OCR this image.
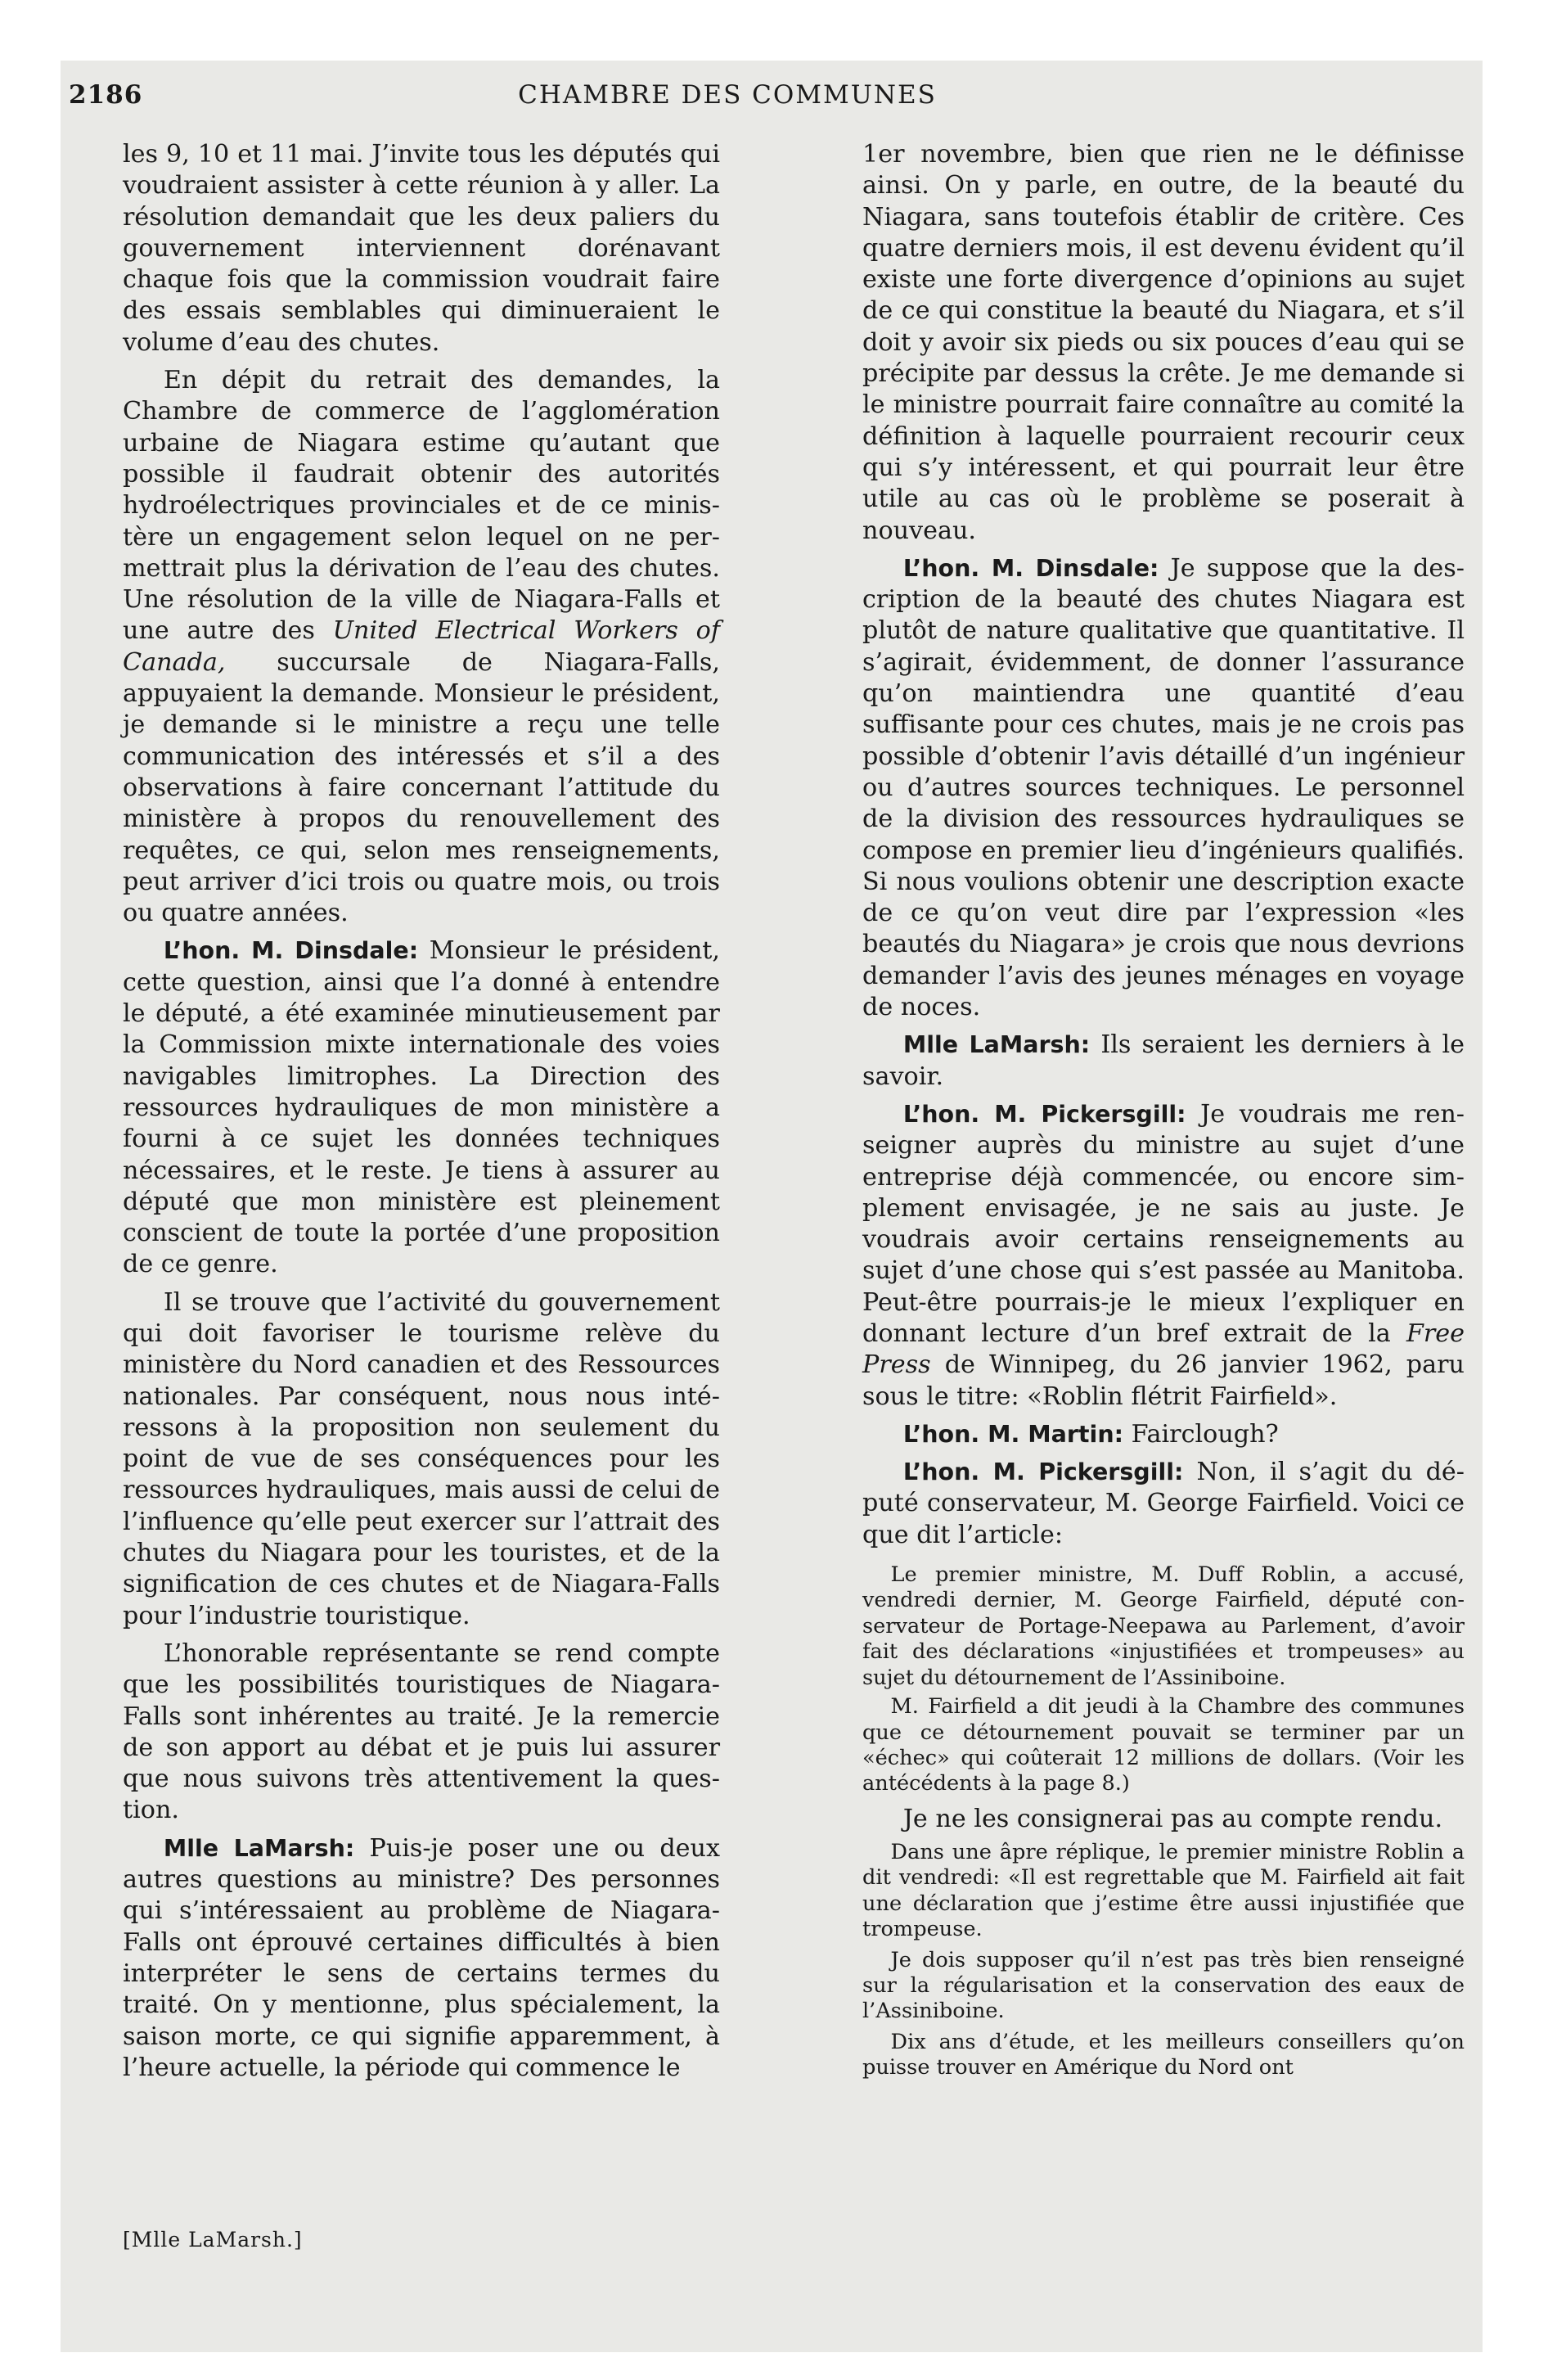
2186	CHAMBRE DES COMMUNES

les 9, 10 et 11 mai. J’invite tous les députés qui voudraient assister à cette réunion à y aller. La résolution demandait que les deux paliers du gouvernement interviennent dorénavant chaque fois que la commission voudrait faire des essais semblables qui diminueraient le volume d’eau des chutes.

En dépit du retrait des demandes, la Chambre de commerce de l’agglomération urbaine de Niagara estime qu’autant que possible il faudrait obtenir des autorités hydroélectriques provinciales et de ce ministère un engagement selon lequel on ne permettrait plus la dérivation de l’eau des chutes. Une résolution de la ville de Niagara-Falls et une autre des United Electrical Workers of Canada, succursale de Niagara-Falls, appuyaient la demande. Monsieur le président, je demande si le ministre a reçu une telle communication des intéressés et s’il a des observations à faire concernant l’attitude du ministère à propos du renouvellement des requêtes, ce qui, selon mes renseignements, peut arriver d’ici trois ou quatre mois, ou trois ou quatre années.

L’hon. M. Dinsdale: Monsieur le président, cette question, ainsi que l’a donné à entendre le député, a été examinée minutieusement par la Commission mixte internationale des voies navigables limitrophes. La Direction des ressources hydrauliques de mon ministère a fourni à ce sujet les données techniques nécessaires, et le reste. Je tiens à assurer au député que mon ministère est pleinement conscient de toute la portée d’une proposition de ce genre.

Il se trouve que l’activité du gouvernement qui doit favoriser le tourisme relève du ministère du Nord canadien et des Ressources nationales. Par conséquent, nous nous intéressons à la proposition non seulement du point de vue de ses conséquences pour les ressources hydrauliques, mais aussi de celui de l’influence qu’elle peut exercer sur l’attrait des chutes du Niagara pour les touristes, et de la signification de ces chutes et de Niagara-Falls pour l’industrie touristique.

L’honorable représentante se rend compte que les possibilités touristiques de Niagara-Falls sont inhérentes au traité. Je la remercie de son apport au débat et je puis lui assurer que nous suivons très attentivement la question.

Mlle LaMarsh: Puis-je poser une ou deux autres questions au ministre? Des personnes qui s’intéressaient au problème de Niagara-Falls ont éprouvé certaines difficultés à bien interpréter le sens de certains termes du traité. On y mentionne, plus spécialement, la saison morte, ce qui signifie apparemment, à l’heure actuelle, la période qui commence le

[Mlle LaMarsh.]

1er novembre, bien que rien ne le définisse ainsi. On y parle, en outre, de la beauté du Niagara, sans toutefois établir de critère. Ces quatre derniers mois, il est devenu évident qu’il existe une forte divergence d’opinions au sujet de ce qui constitue la beauté du Niagara, et s’il doit y avoir six pieds ou six pouces d’eau qui se précipite par dessus la crête. Je me demande si le ministre pourrait faire connaître au comité la définition à laquelle pourraient recourir ceux qui s’y intéressent, et qui pourrait leur être utile au cas où le problème se poserait à nouveau.

L’hon. M. Dinsdale: Je suppose que la description de la beauté des chutes Niagara est plutôt de nature qualitative que quantitative. Il s’agirait, évidemment, de donner l’assurance qu’on maintiendra une quantité d’eau suffisante pour ces chutes, mais je ne crois pas possible d’obtenir l’avis détaillé d’un ingénieur ou d’autres sources techniques. Le personnel de la division des ressources hydrauliques se compose en premier lieu d’ingénieurs qualifiés. Si nous voulions obtenir une description exacte de ce qu’on veut dire par l’expression «les beautés du Niagara» je crois que nous devrions demander l’avis des jeunes ménages en voyage de noces.

Mlle LaMarsh: Ils seraient les derniers à le savoir.

L’hon. M. Pickersgill: Je voudrais me renseigner auprès du ministre au sujet d’une entreprise déjà commencée, ou encore simplement envisagée, je ne sais au juste. Je voudrais avoir certains renseignements au sujet d’une chose qui s’est passée au Manitoba. Peut-être pourrais-je le mieux l’expliquer en donnant lecture d’un bref extrait de la Free Press de Winnipeg, du 26 janvier 1962, paru sous le titre: «Roblin flétrit Fairfield».

L’hon. M. Martin: Fairclough?

L’hon. M. Pickersgill: Non, il s’agit du député conservateur, M. George Fairfield. Voici ce que dit l’article:

Le premier ministre, M. Duff Roblin, a accusé, vendredi dernier, M. George Fairfield, député conservateur de Portage-Neepawa au Parlement, d’avoir fait des déclarations «injustifiées et trompeuses» au sujet du détournement de l’Assiniboine.

M. Fairfield a dit jeudi à la Chambre des communes que ce détournement pouvait se terminer par un «échec» qui coûterait 12 millions de dollars. (Voir les antécédents à la page 8.)

Je ne les consignerai pas au compte rendu.

Dans une âpre réplique, le premier ministre Roblin a dit vendredi: «Il est regrettable que M. Fairfield ait fait une déclaration que j’estime être aussi injustifiée que trompeuse.

Je dois supposer qu’il n’est pas très bien renseigné sur la régularisation et la conservation des eaux de l’Assiniboine.

Dix ans d’étude, et les meilleurs conseillers qu’on puisse trouver en Amérique du Nord ont
